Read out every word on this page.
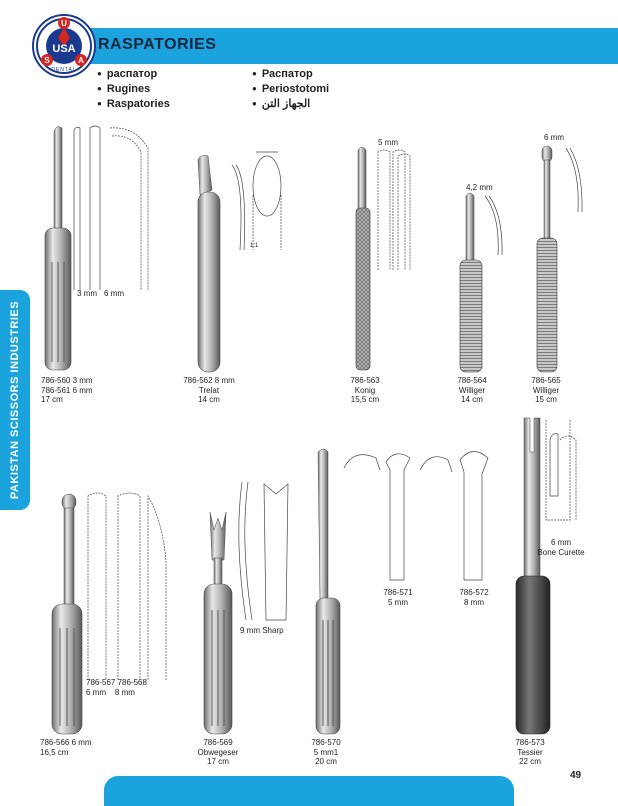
RASPATORIES
USA
U
S	A
DENTAL
●	распатор
● Rugines
● Raspatories
● Распатор
● Periostotomi
● الجهاز التن
PAKISTAN SCISSORS INDUSTRIES
3 mm 6 mm
786-560 3 mm
786-561 6 mm
17 cm
1:1
786-562 8 mm
Trelat
14 cm
5 mm
786-563
Konig
15,5 cm
4,2 mm
786-564
Williger
14 cm
6 mm
786-565
Williger
15 cm
786-567 786-568
6 mm    8 mm
786-566 6 mm
16,5 cm
9 mm Sharp
786-569
Obwegeser
17 cm
786-570
5 mm1
20 cm
786-571
5 mm
786-572
8 mm
6 mm
Bone Curette
786-573
Tessier
22 cm
49
